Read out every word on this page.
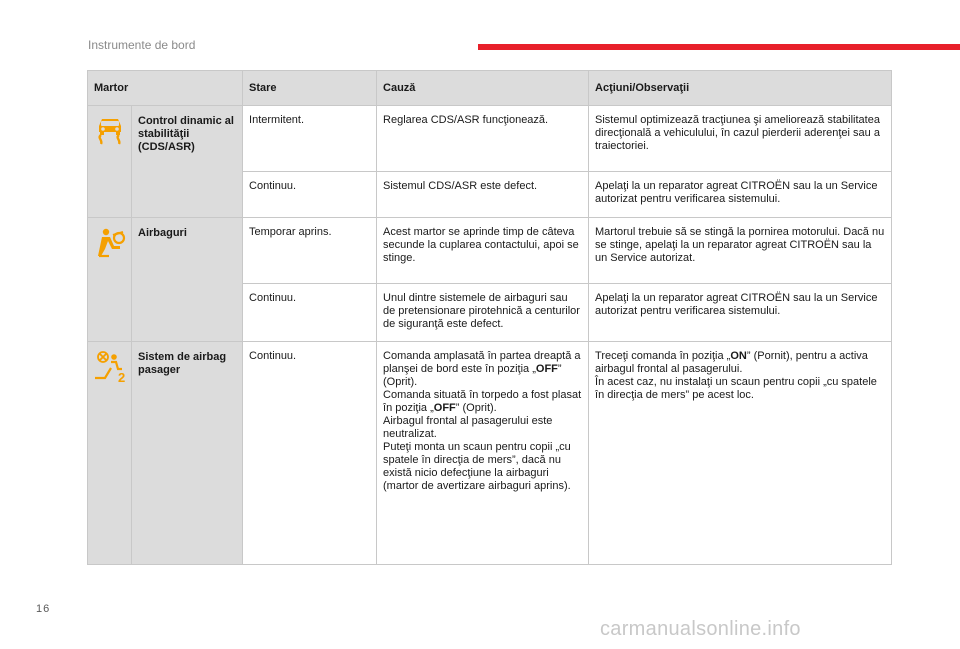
Instrumente de bord
Martor		Stare	Cauză	Acţiuni/Observaţii

	Control dinamic al stabilităţii (CDS/ASR)	Intermitent.	Reglarea CDS/ASR funcţionează.	Sistemul optimizează tracţiunea şi ameliorează stabilitatea direcţională a vehiculului, în cazul pierderii aderenţei sau a traiectoriei.
		Continuu.	Sistemul CDS/ASR este defect.	Apelaţi la un reparator agreat CITROËN sau la un Service autorizat pentru verificarea sistemului.

	Airbaguri	Temporar aprins.	Acest martor se aprinde timp de câteva secunde la cuplarea contactului, apoi se stinge.	Martorul trebuie să se stingă la pornirea motorului. Dacă nu se stinge, apelaţi la un reparator agreat CITROËN sau la un Service autorizat.
		Continuu.	Unul dintre sistemele de airbaguri sau de pretensionare pirotehnică a centurilor de siguranţă este defect.	Apelaţi la un reparator agreat CITROËN sau la un Service autorizat pentru verificarea sistemului.

2	Sistem de airbag pasager	Continuu.	Comanda amplasată în partea dreaptă a planşei de bord este în poziţia „OFF” (Oprit).
Comanda situată în torpedo a fost plasat în poziţia „OFF” (Oprit).
Airbagul frontal al pasagerului este neutralizat.
Puteţi monta un scaun pentru copii „cu spatele în direcţia de mers”, dacă nu există nicio defecţiune la airbaguri (martor de avertizare airbaguri aprins).	Treceţi comanda în poziţia „ON” (Pornit), pentru a activa airbagul frontal al pasagerului.
În acest caz, nu instalaţi un scaun pentru copii „cu spatele în direcţia de mers” pe acest loc.
16
carmanualsonline.info
